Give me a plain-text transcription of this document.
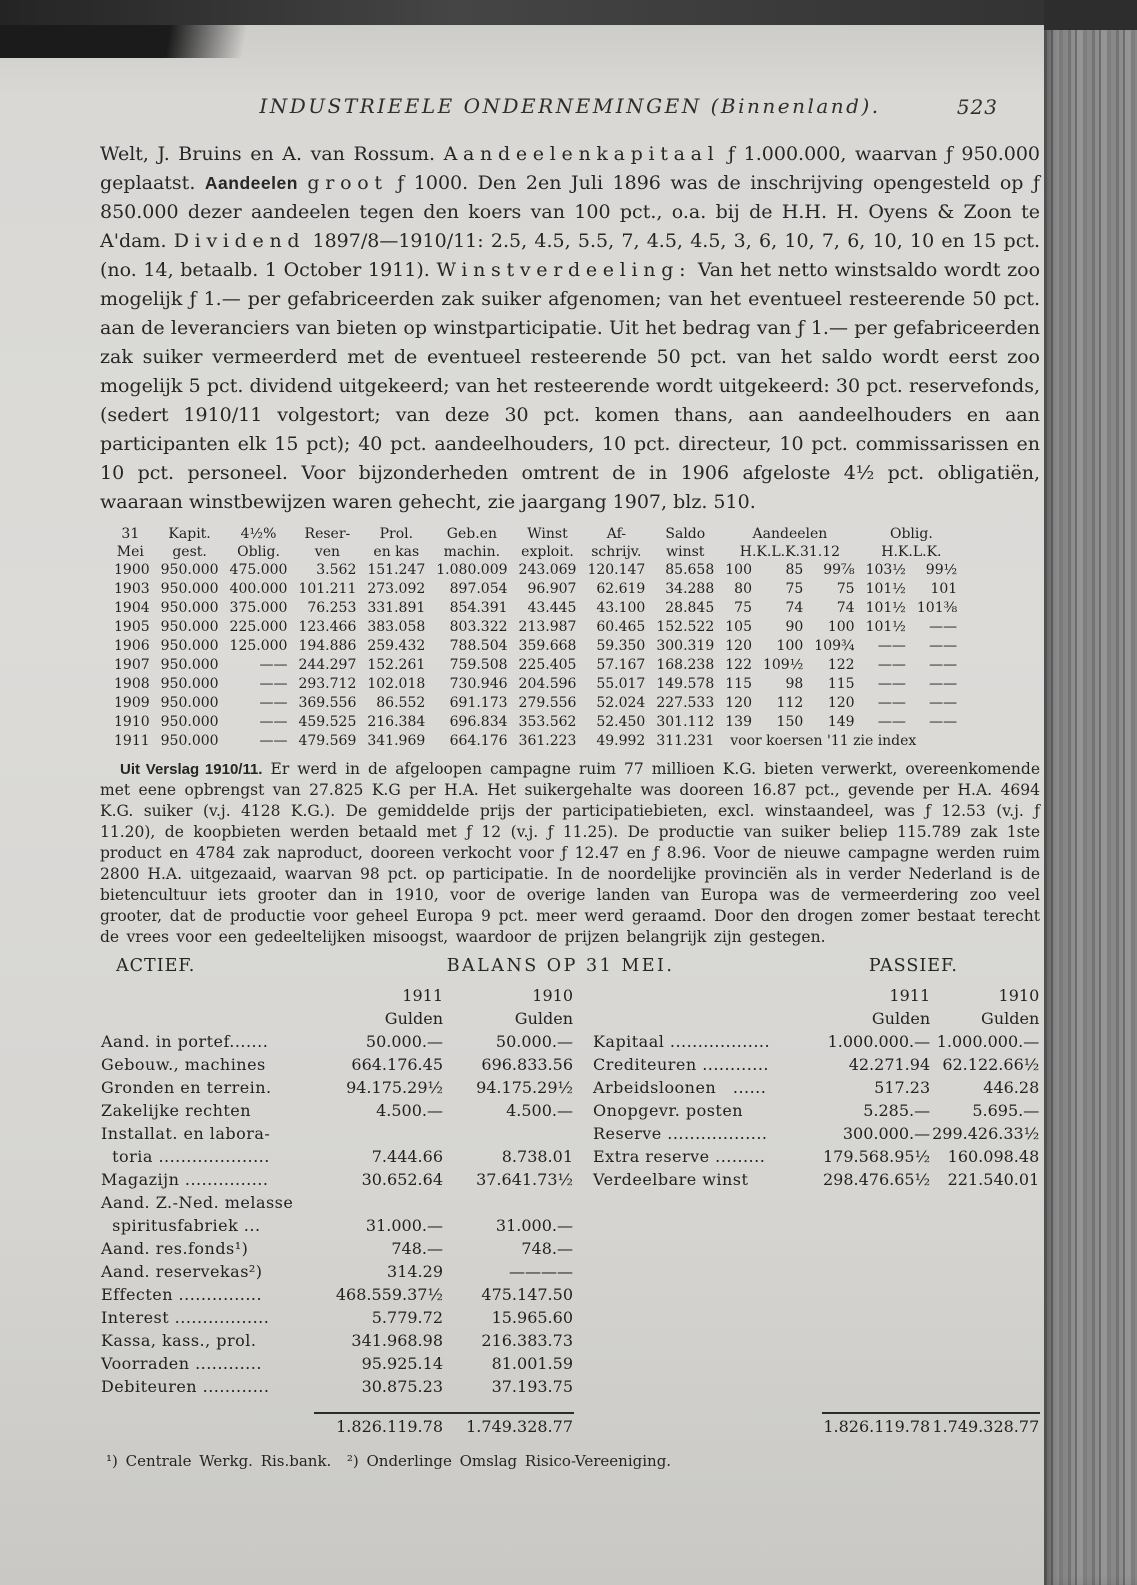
INDUSTRIEELE ONDERNEMINGEN (Binnenland).	523

Welt, J. Bruins en A. van Rossum. Aandeelenkapitaal ƒ 1.000.000, waarvan ƒ 950.000 geplaatst. Aandeelen groot ƒ 1000. Den 2en Juli 1896 was de inschrijving opengesteld op ƒ 850.000 dezer aandeelen tegen den koers van 100 pct., o.a. bij de H.H. H. Oyens & Zoon te A'dam. Dividend 1897/8—1910/11: 2.5, 4.5, 5.5, 7, 4.5, 4.5, 3, 6, 10, 7, 6, 10, 10 en 15 pct. (no. 14, betaalb. 1 October 1911). Winstverdeeling: Van het netto winstsaldo wordt zoo mogelijk ƒ 1.— per gefabriceerden zak suiker afgenomen; van het eventueel resteerende 50 pct. aan de leveranciers van bieten op winstparticipatie. Uit het bedrag van ƒ 1.— per gefabriceerden zak suiker vermeerderd met de eventueel resteerende 50 pct. van het saldo wordt eerst zoo mogelijk 5 pct. dividend uitgekeerd; van het resteerende wordt uitgekeerd: 30 pct. reservefonds, (sedert 1910/11 volgestort; van deze 30 pct. komen thans, aan aandeelhouders en aan participanten elk 15 pct); 40 pct. aandeelhouders, 10 pct. directeur, 10 pct. commissarissen en 10 pct. personeel. Voor bijzonderheden omtrent de in 1906 afgeloste 4½ pct. obligatiën, waaraan winstbewijzen waren gehecht, zie jaargang 1907, blz. 510.

31	Kapit.	4½%	Reser-	Prol.	Geb.en	Winst	Af-	Saldo	Aandeelen			Oblig.	
Mei	gest.	Oblig.	ven	en kas	machin.	exploit.	schrijv.	winst	H.K.L.K.31.12			H.K.L.K.	
1900	950.000	475.000	3.562	151.247	1.080.009	243.069	120.147	85.658	100	85	99⅞	103½	99½
1903	950.000	400.000	101.211	273.092	897.054	96.907	62.619	34.288	80	75	75	101½	101
1904	950.000	375.000	76.253	331.891	854.391	43.445	43.100	28.845	75	74	74	101½	101⅜
1905	950.000	225.000	123.466	383.058	803.322	213.987	60.465	152.522	105	90	100	101½	——
1906	950.000	125.000	194.886	259.432	788.504	359.668	59.350	300.319	120	100	109¾	——	——
1907	950.000	——	244.297	152.261	759.508	225.405	57.167	168.238	122	109½	122	——	——
1908	950.000	——	293.712	102.018	730.946	204.596	55.017	149.578	115	98	115	——	——
1909	950.000	——	369.556	86.552	691.173	279.556	52.024	227.533	120	112	120	——	——
1910	950.000	——	459.525	216.384	696.834	353.562	52.450	301.112	139	150	149	——	——
1911	950.000	——	479.569	341.969	664.176	361.223	49.992	311.231	voor koersen '11 zie index				

Uit Verslag 1910/11. Er werd in de afgeloopen campagne ruim 77 millioen K.G. bieten verwerkt, overeenkomende met eene opbrengst van 27.825 K.G per H.A. Het suikergehalte was dooreen 16.87 pct., gevende per H.A. 4694 K.G. suiker (v.j. 4128 K.G.). De gemiddelde prijs der participatiebieten, excl. winstaandeel, was ƒ 12.53 (v.j. ƒ 11.20), de koopbieten werden betaald met ƒ 12 (v.j. ƒ 11.25). De productie van suiker beliep 115.789 zak 1ste product en 4784 zak naproduct, dooreen verkocht voor ƒ 12.47 en ƒ 8.96. Voor de nieuwe campagne werden ruim 2800 H.A. uitgezaaid, waarvan 98 pct. op participatie. In de noordelijke provinciën als in verder Nederland is de bietencultuur iets grooter dan in 1910, voor de overige landen van Europa was de vermeerdering zoo veel grooter, dat de productie voor geheel Europa 9 pct. meer werd geraamd. Door den drogen zomer bestaat terecht de vrees voor een gedeeltelijken misoogst, waardoor de prijzen belangrijk zijn gestegen.

ACTIEF.	BALANS OP 31 MEI.	PASSIEF.
	1911	1910
	Gulden	Gulden
Aand. in portef.......	50.000.—	50.000.—
Gebouw., machines	664.176.45	696.833.56
Gronden en terrein.	94.175.29½	94.175.29½
Zakelijke rechten	4.500.—	4.500.—
Installat. en labora-		
toria ....................	7.444.66	8.738.01
Magazijn ...............	30.652.64	37.641.73½
Aand. Z.-Ned. melasse		
spiritusfabriek ...	31.000.—	31.000.—
Aand. res.fonds¹)	748.—	748.—
Aand. reservekas²)	314.29	————
Effecten ...............	468.559.37½	475.147.50
Interest .................	5.779.72	15.965.60
Kassa, kass., prol.	341.968.98	216.383.73
Voorraden ............	95.925.14	81.001.59
Debiteuren ............	30.875.23	37.193.75
	1.826.119.78	1.749.328.77
	1911	1910
	Gulden	Gulden
Kapitaal ..................	1.000.000.—	1.000.000.—
Crediteuren ............	42.271.94	62.122.66½
Arbeidsloonen   ......	517.23	446.28
Onopgevr. posten	5.285.—	5.695.—
Reserve ..................	300.000.—	299.426.33½
Extra reserve .........	179.568.95½	160.098.48
Verdeelbare winst	298.476.65½	221.540.01
	1.826.119.78	1.749.328.77
¹) Centrale Werkg. Ris.bank.  ²) Onderlinge Omslag Risico-Vereeniging.
